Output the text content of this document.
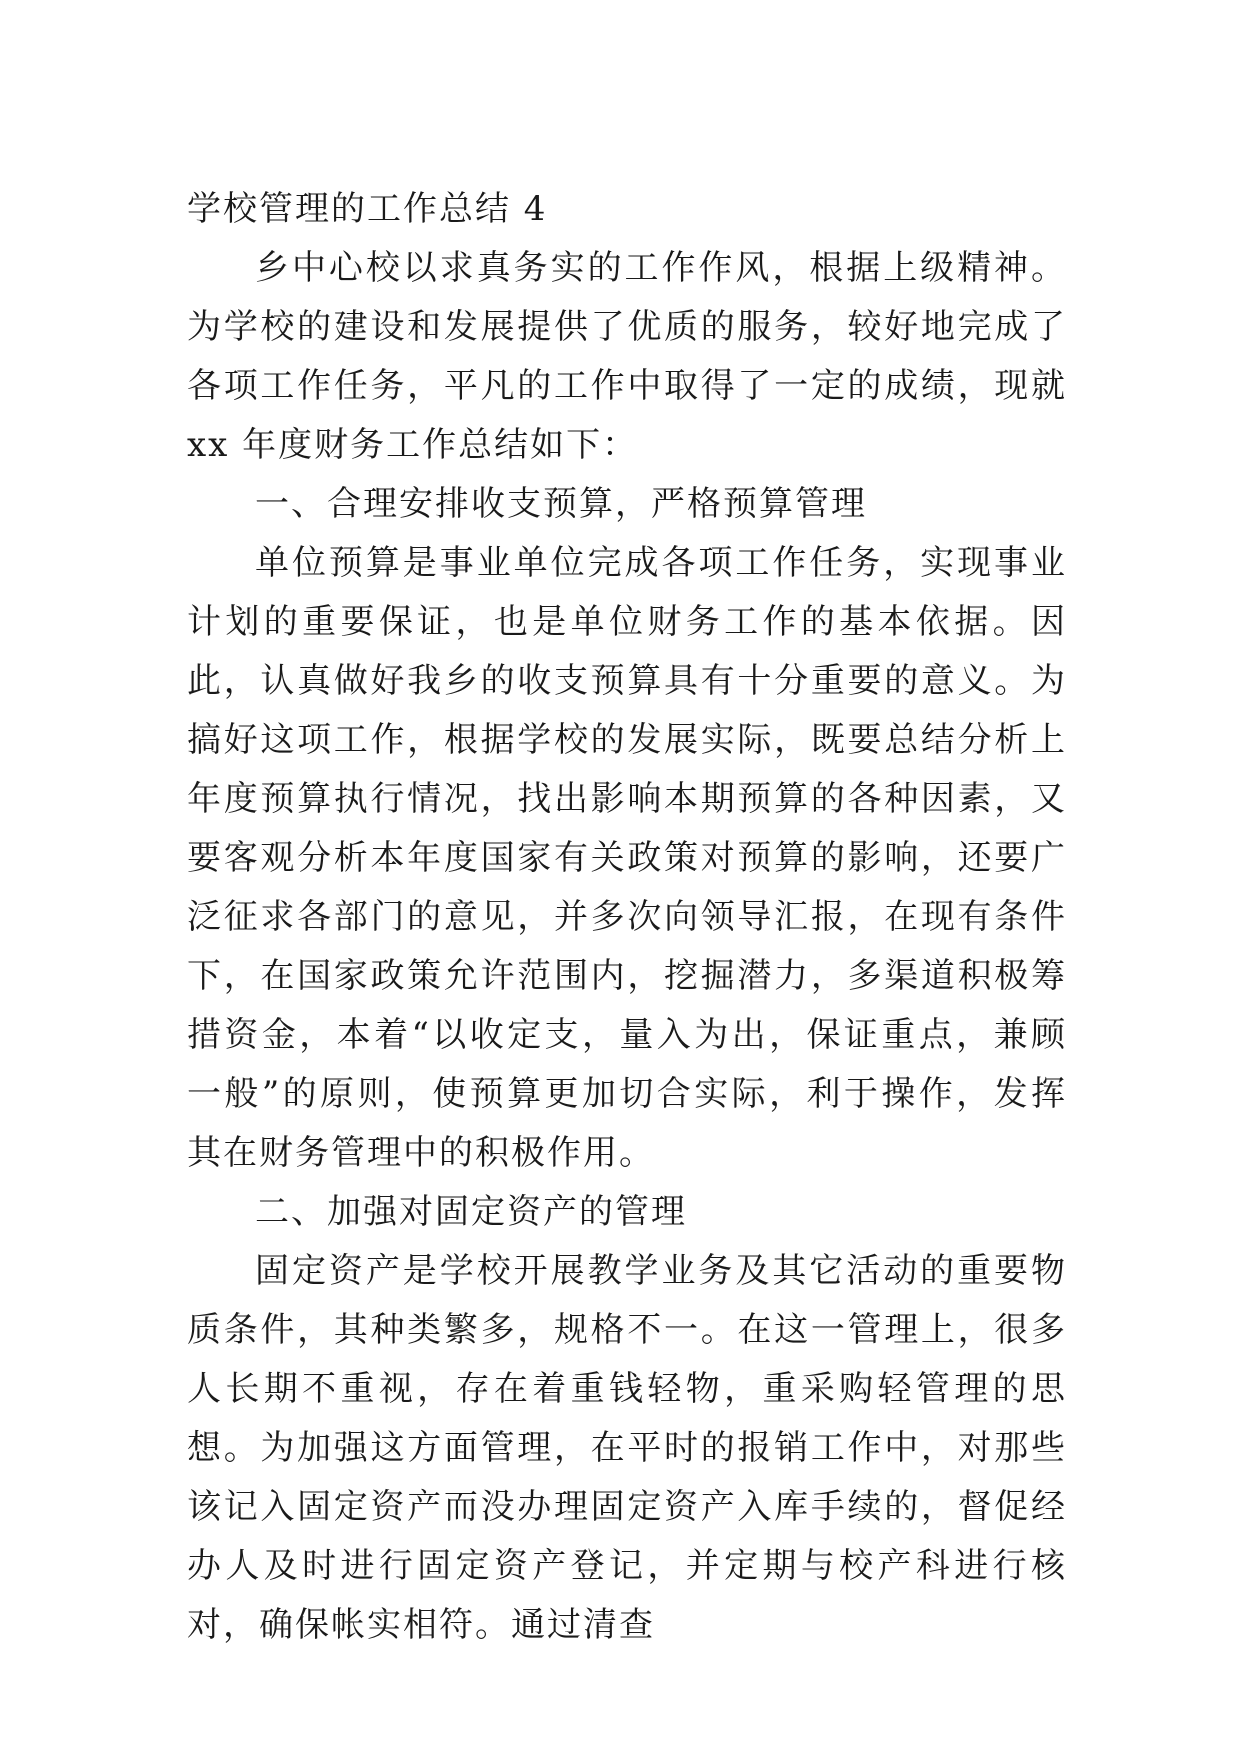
学校管理的工作总结 4

乡中心校以求真务实的工作作风，根据上级精神。为学校的建设和发展提供了优质的服务，较好地完成了各项工作任务，平凡的工作中取得了一定的成绩，现就 xx 年度财务工作总结如下：

一、合理安排收支预算，严格预算管理

单位预算是事业单位完成各项工作任务，实现事业计划的重要保证，也是单位财务工作的基本依据。因此，认真做好我乡的收支预算具有十分重要的意义。为搞好这项工作，根据学校的发展实际，既要总结分析上年度预算执行情况，找出影响本期预算的各种因素，又要客观分析本年度国家有关政策对预算的影响，还要广泛征求各部门的意见，并多次向领导汇报，在现有条件下，在国家政策允许范围内，挖掘潜力，多渠道积极筹措资金，本着“以收定支，量入为出，保证重点，兼顾一般”的原则，使预算更加切合实际，利于操作，发挥其在财务管理中的积极作用。

二、加强对固定资产的管理

固定资产是学校开展教学业务及其它活动的重要物质条件，其种类繁多，规格不一。在这一管理上，很多人长期不重视，存在着重钱轻物，重采购轻管理的思想。为加强这方面管理，在平时的报销工作中，对那些该记入固定资产而没办理固定资产入库手续的，督促经办人及时进行固定资产登记，并定期与校产科进行核对，确保帐实相符。通过清查
